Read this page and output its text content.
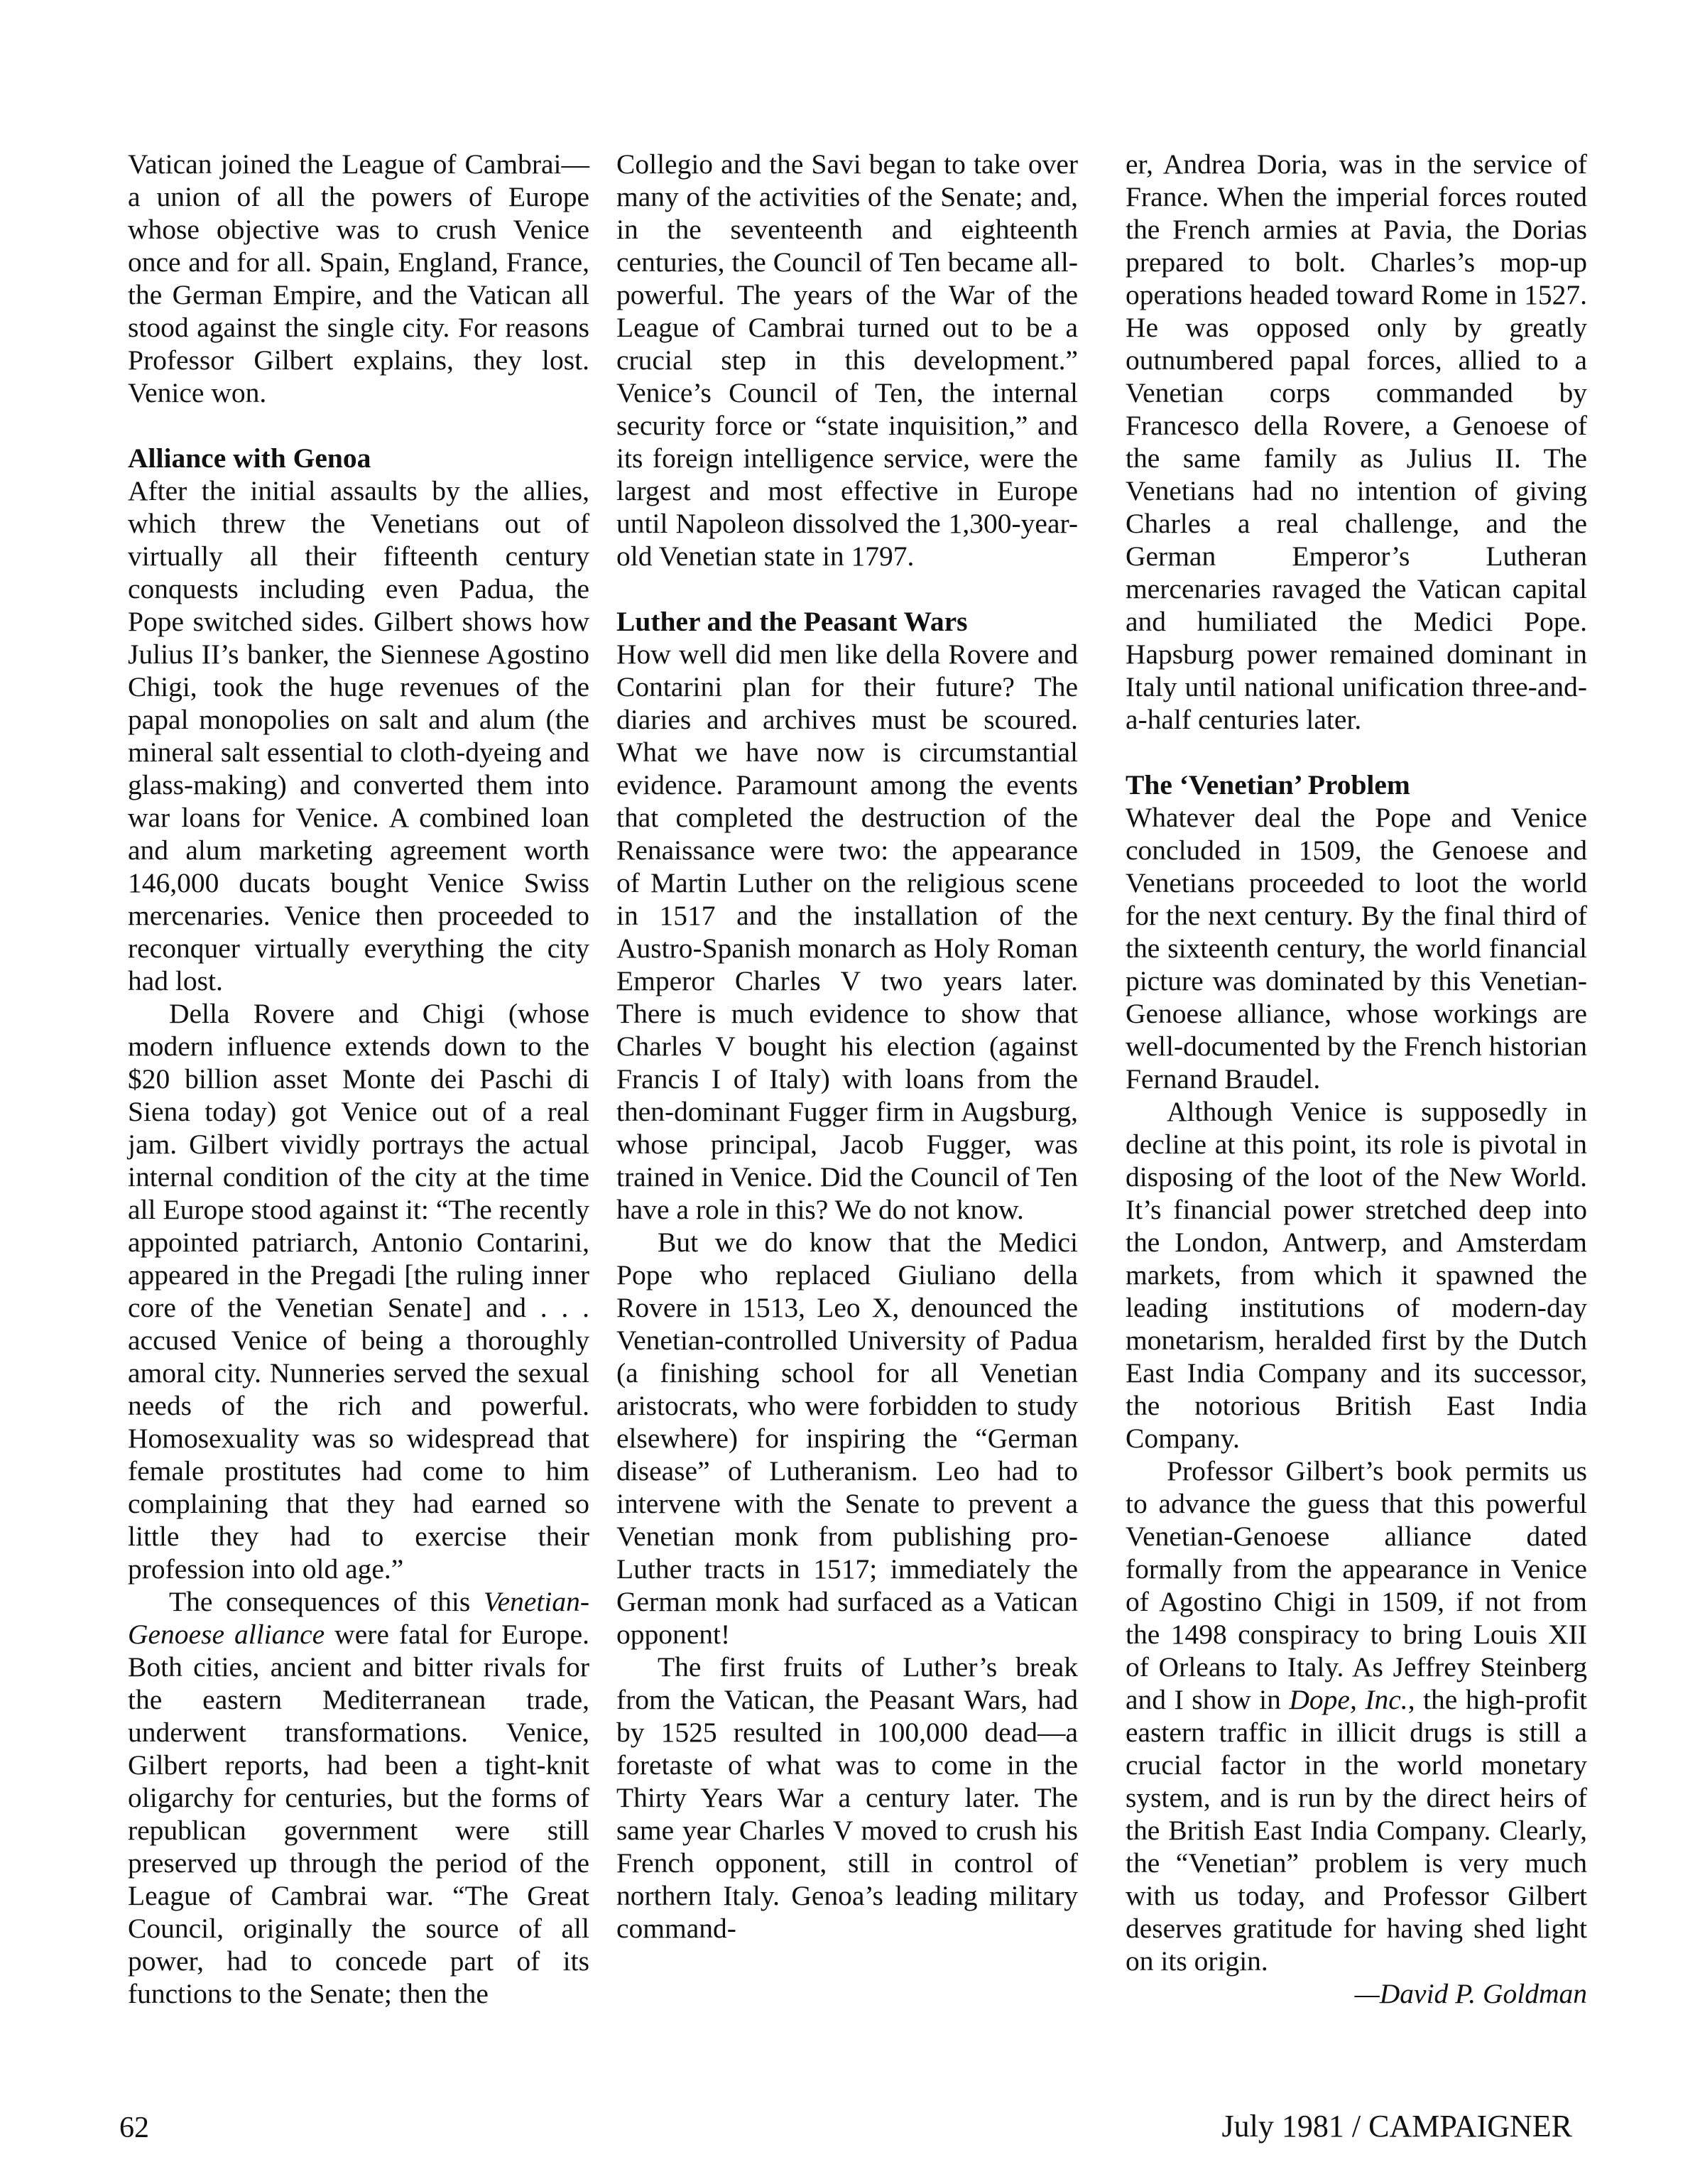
Vatican joined the League of Cambrai—a union of all the powers of Europe whose objective was to crush Venice once and for all. Spain, England, France, the German Empire, and the Vatican all stood against the single city. For reasons Professor Gilbert explains, they lost. Venice won.

Alliance with Genoa

After the initial assaults by the allies, which threw the Venetians out of virtually all their fifteenth century conquests including even Padua, the Pope switched sides. Gilbert shows how Julius II’s banker, the Siennese Agostino Chigi, took the huge revenues of the papal monopolies on salt and alum (the mineral salt essential to cloth-dyeing and glass-making) and converted them into war loans for Venice. A combined loan and alum marketing agreement worth 146,000 ducats bought Venice Swiss mercenaries. Venice then proceeded to reconquer virtually everything the city had lost.

Della Rovere and Chigi (whose modern influence extends down to the $20 billion asset Monte dei Paschi di Siena today) got Venice out of a real jam. Gilbert vividly portrays the actual internal condition of the city at the time all Europe stood against it: “The recently appointed patriarch, Antonio Contarini, appeared in the Pregadi [the ruling inner core of the Venetian Senate] and . . . accused Venice of being a thoroughly amoral city. Nunneries served the sexual needs of the rich and powerful. Homosexuality was so widespread that female prostitutes had come to him complaining that they had earned so little they had to exercise their profession into old age.”

The consequences of this Venetian-Genoese alliance were fatal for Europe. Both cities, ancient and bitter rivals for the eastern Mediterranean trade, underwent transformations. Venice, Gilbert reports, had been a tight-knit oligarchy for centuries, but the forms of republican government were still preserved up through the period of the League of Cambrai war. “The Great Council, originally the source of all power, had to concede part of its functions to the Senate; then the

Collegio and the Savi began to take over many of the activities of the Senate; and, in the seventeenth and eighteenth centuries, the Council of Ten became all-powerful. The years of the War of the League of Cambrai turned out to be a crucial step in this development.” Venice’s Council of Ten, the internal security force or “state inquisition,” and its foreign intelligence service, were the largest and most effective in Europe until Napoleon dissolved the 1,300-year-old Venetian state in 1797.

Luther and the Peasant Wars

How well did men like della Rovere and Contarini plan for their future? The diaries and archives must be scoured. What we have now is circumstantial evidence. Paramount among the events that completed the destruction of the Renaissance were two: the appearance of Martin Luther on the religious scene in 1517 and the installation of the Austro-Spanish monarch as Holy Roman Emperor Charles V two years later. There is much evidence to show that Charles V bought his election (against Francis I of Italy) with loans from the then-dominant Fugger firm in Augsburg, whose principal, Jacob Fugger, was trained in Venice. Did the Council of Ten have a role in this? We do not know.

But we do know that the Medici Pope who replaced Giuliano della Rovere in 1513, Leo X, denounced the Venetian-controlled University of Padua (a finishing school for all Venetian aristocrats, who were forbidden to study elsewhere) for inspiring the “German disease” of Lutheranism. Leo had to intervene with the Senate to prevent a Venetian monk from publishing pro-Luther tracts in 1517; immediately the German monk had surfaced as a Vatican opponent!

The first fruits of Luther’s break from the Vatican, the Peasant Wars, had by 1525 resulted in 100,000 dead—a foretaste of what was to come in the Thirty Years War a century later. The same year Charles V moved to crush his French opponent, still in control of northern Italy. Genoa’s leading military command-

er, Andrea Doria, was in the service of France. When the imperial forces routed the French armies at Pavia, the Dorias prepared to bolt. Charles’s mop-up operations headed toward Rome in 1527. He was opposed only by greatly outnumbered papal forces, allied to a Venetian corps commanded by Francesco della Rovere, a Genoese of the same family as Julius II. The Venetians had no intention of giving Charles a real challenge, and the German Emperor’s Lutheran mercenaries ravaged the Vatican capital and humiliated the Medici Pope. Hapsburg power remained dominant in Italy until national unification three-and-a-half centuries later.

The ‘Venetian’ Problem

Whatever deal the Pope and Venice concluded in 1509, the Genoese and Venetians proceeded to loot the world for the next century. By the final third of the sixteenth century, the world financial picture was dominated by this Venetian-Genoese alliance, whose workings are well-documented by the French historian Fernand Braudel.

Although Venice is supposedly in decline at this point, its role is pivotal in disposing of the loot of the New World. It’s financial power stretched deep into the London, Antwerp, and Amsterdam markets, from which it spawned the leading institutions of modern-day monetarism, heralded first by the Dutch East India Company and its successor, the notorious British East India Company.

Professor Gilbert’s book permits us to advance the guess that this powerful Venetian-Genoese alliance dated formally from the appearance in Venice of Agostino Chigi in 1509, if not from the 1498 conspiracy to bring Louis XII of Orleans to Italy. As Jeffrey Steinberg and I show in Dope, Inc., the high-profit eastern traffic in illicit drugs is still a crucial factor in the world monetary system, and is run by the direct heirs of the British East India Company. Clearly, the “Venetian” problem is very much with us today, and Professor Gilbert deserves gratitude for having shed light on its origin.

—David P. Goldman

62	July 1981 / CAMPAIGNER
